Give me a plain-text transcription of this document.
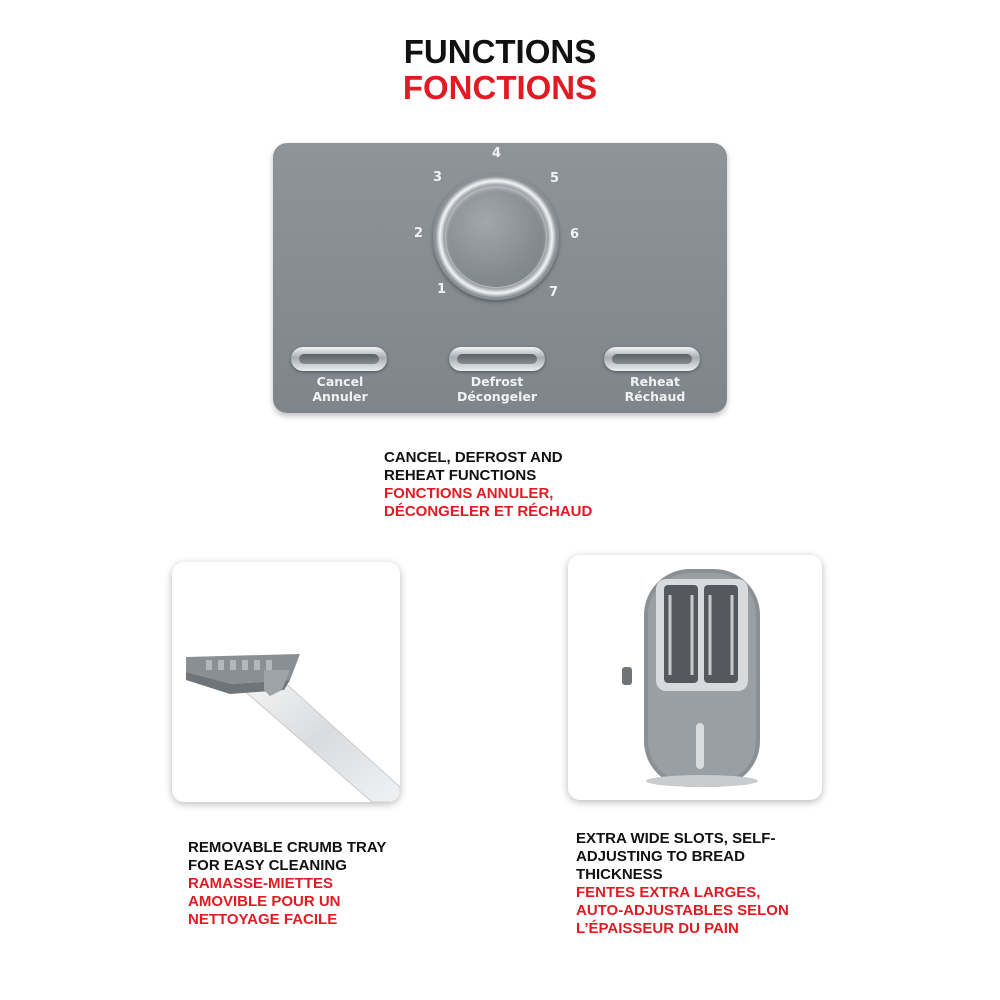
FUNCTIONS
FONCTIONS
1
2
3
4
5
6
7
Cancel
Annuler
Defrost
Décongeler
Reheat
Réchaud
CANCEL, DEFROST AND
REHEAT FUNCTIONS
FONCTIONS ANNULER,
DÉCONGELER ET RÉCHAUD
REMOVABLE CRUMB TRAY
FOR EASY CLEANING
RAMASSE-MIETTES
AMOVIBLE POUR UN
NETTOYAGE FACILE
EXTRA WIDE SLOTS, SELF-
ADJUSTING TO BREAD
THICKNESS
FENTES EXTRA LARGES,
AUTO-ADJUSTABLES SELON
L’ÉPAISSEUR DU PAIN
